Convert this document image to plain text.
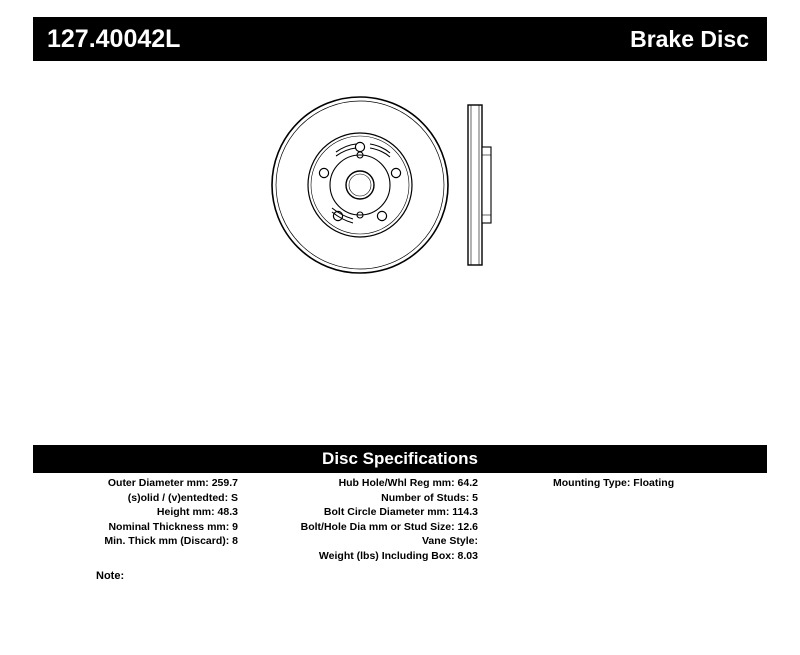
127.40042L	Brake Disc
Disc Specifications
Outer Diameter mm: 259.7
(s)olid / (v)entedted: S
Height mm: 48.3
Nominal Thickness mm: 9
Min. Thick mm (Discard): 8
Hub Hole/Whl Reg mm: 64.2
Number of Studs: 5
Bolt Circle Diameter mm: 114.3
Bolt/Hole Dia mm or Stud Size: 12.6
Vane Style:
Weight (lbs) Including Box: 8.03
Mounting Type: Floating
Note:
